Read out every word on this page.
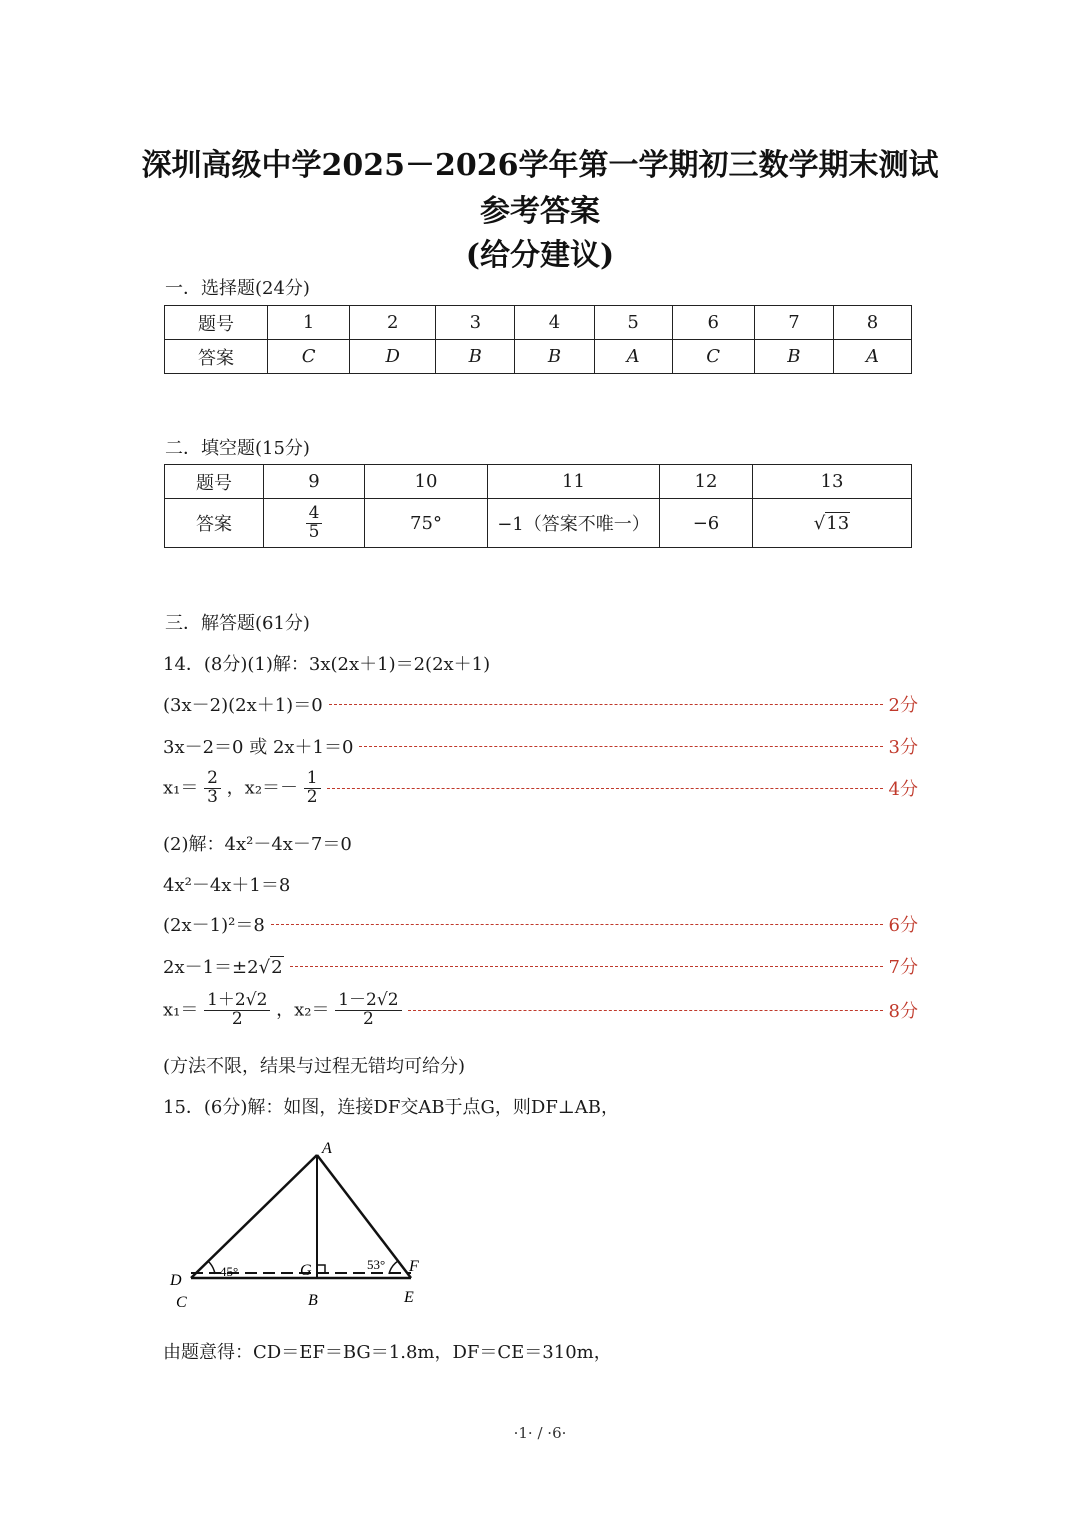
深圳高级中学2025－2026学年第一学期初三数学期末测试
参考答案
(给分建议)
一．选择题(24分)
题号	1	2	3	4	5	6	7	8
答案	C	D	B	B	A	C	B	A
二．填空题(15分)
题号	9	10	11	12	13
答案	$\frac{4}{5}$	75°	−1（答案不唯一）	−6	√13
三．解答题(61分)
14．(8分)(1)解：3x(2x＋1)＝2(2x＋1)
(3x－2)(2x＋1)＝0	2分
3x－2＝0 或 2x＋1＝0	3分
$x_1= \frac{2}{3}$ ，$x_2=- \frac{1}{2}$	4分
(2)解：4x²－4x－7＝0
4x²－4x＋1＝8
(2x－1)²＝8	6分
2x－1＝±2√2	7分
$x_1= \frac{1+2√2}{2}$ ，$x_2= \frac{1-2√2}{2}$	8分
(方法不限，结果与过程无错均可给分)
15．(6分)解：如图，连接DF交AB于点G，则DF⊥AB，
A
D
C
G
B
F
E
45°	53°
由题意得：CD＝EF＝BG＝1.8m，DF＝CE＝310m，
·1· / ·6·
